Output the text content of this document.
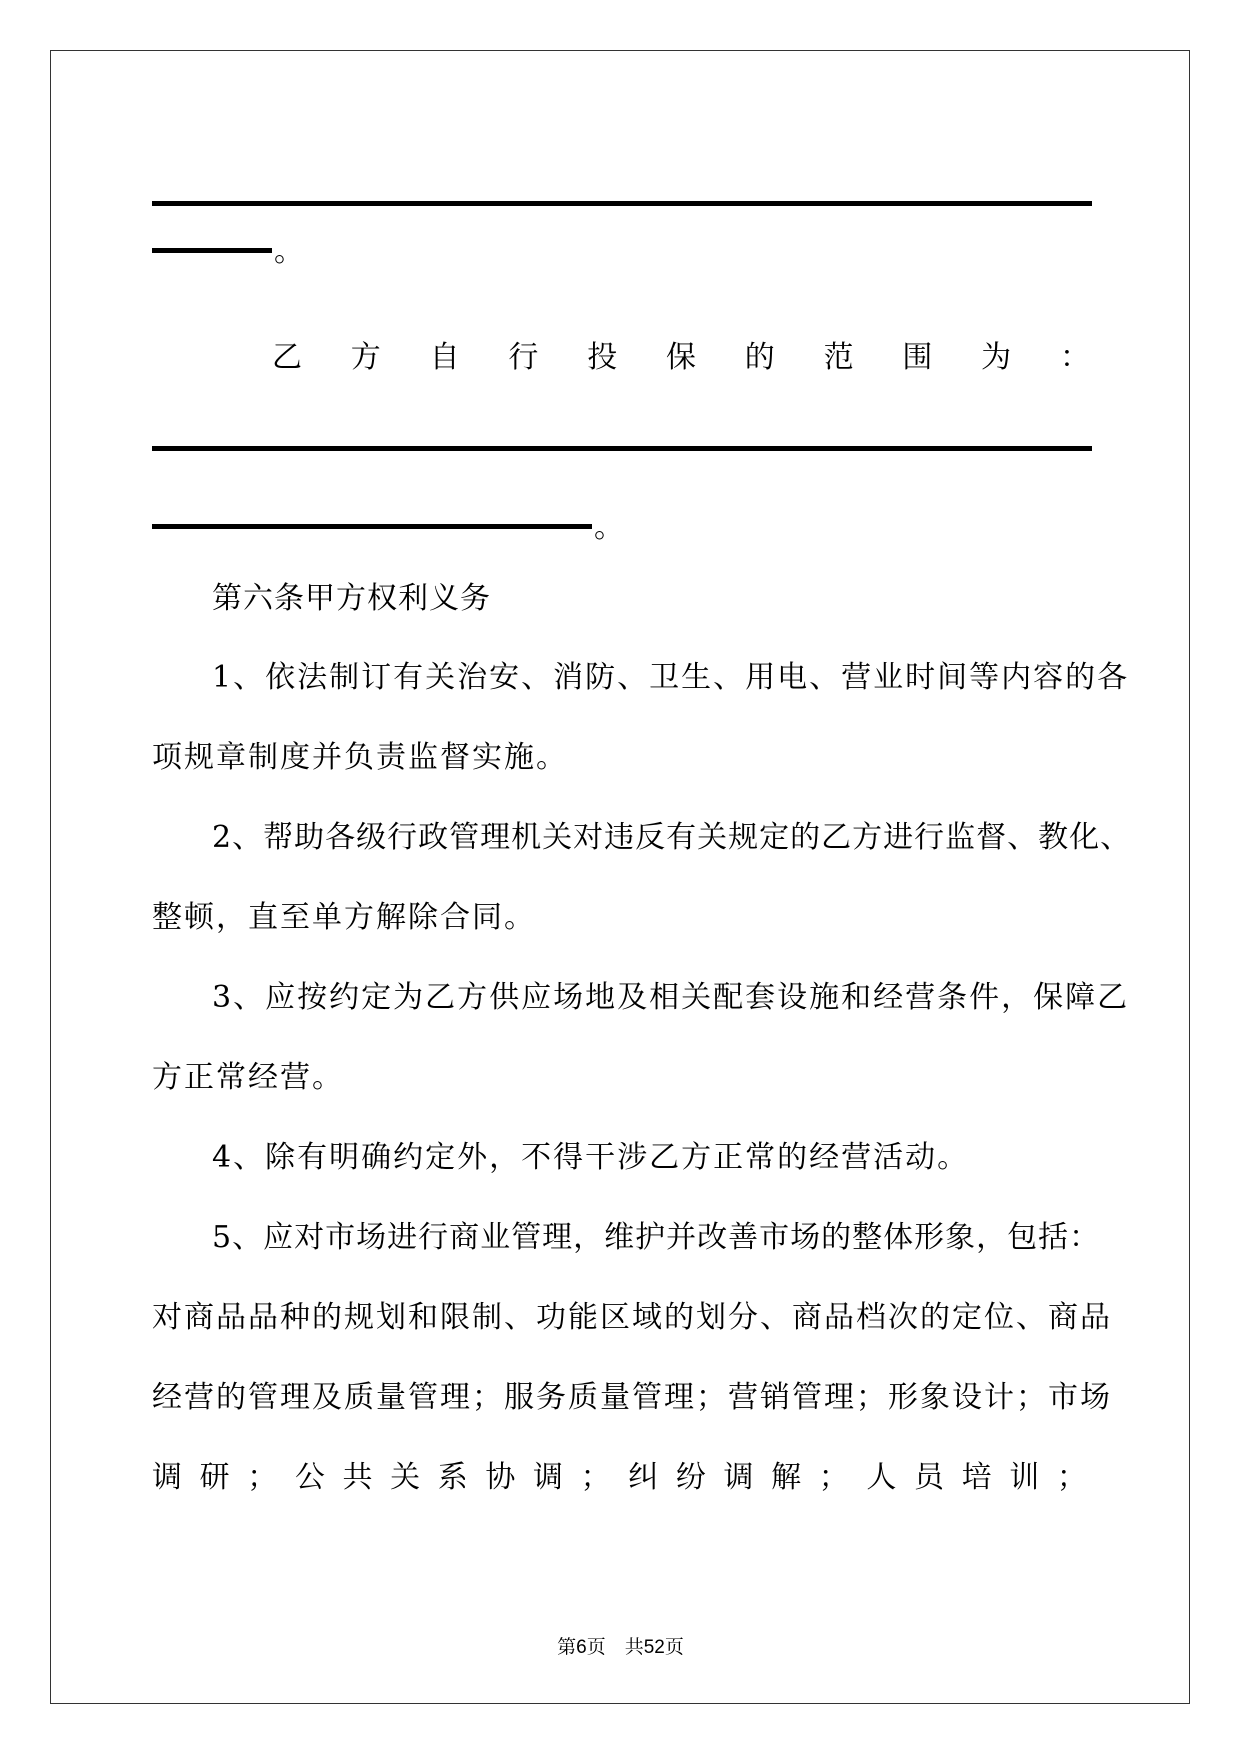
。
乙 方 自 行 投 保 的 范 围 为 ：
。
第六条甲方权利义务
1、依法制订有关治安、消防、卫生、用电、营业时间等内容的各
项规章制度并负责监督实施。
2、帮助各级行政管理机关对违反有关规定的乙方进行监督、教化、
整顿，直至单方解除合同。
3、应按约定为乙方供应场地及相关配套设施和经营条件，保障乙
方正常经营。
4、除有明确约定外，不得干涉乙方正常的经营活动。
5、应对市场进行商业管理，维护并改善市场的整体形象，包括：
对商品品种的规划和限制、功能区域的划分、商品档次的定位、商品
经营的管理及质量管理；服务质量管理；营销管理；形象设计；市场
调 研 ； 公 共 关 系 协 调 ； 纠 纷 调 解 ； 人 员 培 训 ；
第6页　共52页
